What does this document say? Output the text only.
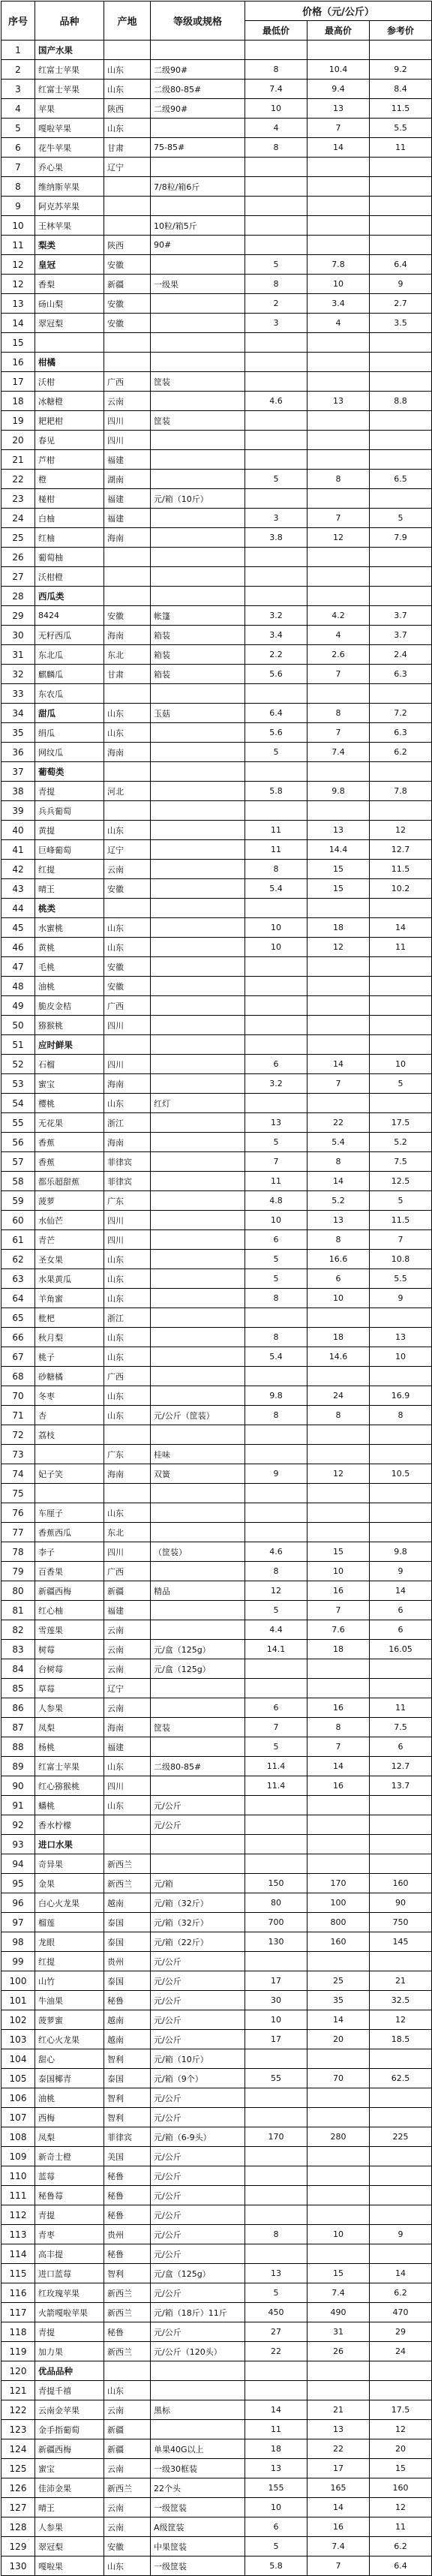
序号	品种	产地	等级或规格	价格（元/公斤）		
				最低价	最高价	参考价
1	国产水果					
2	红富士苹果	山东	二级90#	8	10.4	9.2
3	红富士苹果	山东	二级80-85#	7.4	9.4	8.4
4	苹果	陕西	二级90#	10	13	11.5
5	嘎啦苹果	山东		4	7	5.5
6	花牛苹果	甘肃	75-85#	8	14	11
7	乔心果	辽宁				
8	维纳斯苹果		7/8粒/箱6斤			
9	阿克苏苹果					
10	王林苹果		10粒/箱5斤			
11	梨类	陕西	90#			
12	皇冠	安徽		5	7.8	6.4
12	香梨	新疆	一级果	8	10	9
13	砀山梨	安徽		2	3.4	2.7
14	翠冠梨	安徽		3	4	3.5
15						
16	柑橘					
17	沃柑	广西	筐装			
18	冰糖橙	云南		4.6	13	8.8
19	耙耙柑	四川	筐装			
20	春见	四川				
21	芦柑	福建				
22	橙	湖南		5	8	6.5
23	椪柑	福建	元/箱（10斤）			
24	白柚	福建		3	7	5
25	红柚	海南		3.8	12	7.9
26	葡萄柚					
27	沃柑橙					
28	西瓜类					
29	8424	安徽	帐篷	3.2	4.2	3.7
30	无籽西瓜	海南	箱装	3.4	4	3.7
31	东北瓜	东北	箱装	2.2	2.6	2.4
32	麒麟瓜	甘肃	箱装	5.6	7	6.3
33	东农瓜					
34	甜瓜	山东	玉菇	6.4	8	7.2
35	绢瓜	山东		5.6	7	6.3
36	网纹瓜	海南		5	7.4	6.2
37	葡萄类					
38	青提	河北		5.8	9.8	7.8
39	兵兵葡萄					
40	黄提	山东		11	13	12
41	巨峰葡萄	辽宁		11	14.4	12.7
42	红提	云南		8	15	11.5
43	晴王	安徽		5.4	15	10.2
44	桃类					
45	水蜜桃	山东		10	18	14
46	黄桃	山东		10	12	11
47	毛桃	安徽				
48	油桃	安徽				
49	脆皮金桔	广西				
50	猕猴桃	四川				
51	应时鲜果					
52	石榴	四川		6	14	10
53	蜜宝	海南		3.2	7	5
54	樱桃	山东	红灯			
55	无花果	浙江		13	22	17.5
56	香蕉	海南		5	5.4	5.2
57	香蕉	菲律宾		7	8	7.5
58	都乐超甜蕉	菲律宾		11	14	12.5
59	菠萝	广东		4.8	5.2	5
60	水仙芒	四川		10	13	11.5
61	青芒	四川		6	8	7
62	圣女果	山东		5	16.6	10.8
63	水果黄瓜	山东		5	6	5.5
64	羊角蜜	山东		8	10	9
65	枇杷	浙江				
66	秋月梨	山东		8	18	13
67	桃子	山东		5.4	14.6	10
68	砂糖橘	广西				
70	冬枣	山东		9.8	24	16.9
71	杏	山东	元/公斤（筐装）	8	8	8
72	荔枝					
73		广东	桂味			
74	妃子笑	海南	双簧	9	12	10.5
75						
76	车厘子	山东				
77	香蕉西瓜	东北				
78	李子	四川	（筐装）	4.6	15	9.8
79	百香果	广西		8	10	9
80	新疆西梅	新疆	精品	12	16	14
81	红心柚	福建		5	7	6
82	雪莲果	云南		4.4	7.6	6
83	树莓	云南	元/盒（125g）	14.1	18	16.05
84	台树莓	云南	元/盒（125g）			
85	草莓	辽宁				
86	人参果	云南		6	16	11
87	凤梨	海南	筐装	7	8	7.5
88	杨桃	福建		5	7	6
89	红富士苹果	山东	二级80-85#	11.4	14	12.7
90	红心猕猴桃	四川		11.4	16	13.7
91	蟠桃	山东	元/公斤			
92	香水柠檬		元/公斤			
93	进口水果					
94	奇异果	新西兰				
95	金果	新西兰	元/箱	150	170	160
96	白心火龙果	越南	元/箱（32斤）	80	100	90
97	榴莲	泰国	元/箱（32斤）	700	800	750
98	龙眼	泰国	元/箱（22斤）	130	160	145
99	红提	贵州	元/公斤			
100	山竹	泰国	元/公斤	17	25	21
101	牛油果	秘鲁	元/公斤	30	35	32.5
102	菠萝蜜	越南	元/公斤	10	14	12
103	红心火龙果	越南	元/公斤	17	20	18.5
104	甜心	智利	元/箱（10斤）			
105	泰国椰青	泰国	元/箱（9个）	55	70	62.5
106	油桃	智利	元/公斤			
107	西梅	智利	元/公斤			
108	凤梨	菲律宾	元/箱（6-9头）	170	280	225
109	新奇士橙	美国	元/公斤			
110	蓝莓	秘鲁	元/公斤			
111	秘鲁莓	秘鲁	元/公斤			
112	青提	秘鲁	元/公斤			
113	青枣	贵州	元/公斤	8	10	9
114	高丰提	秘鲁	元/公斤			
115	进口蓝莓	智利	元/盒（125g）	13	15	14
116	红玫瑰苹果	新西兰	元/公斤	5	7.4	6.2
117	火箭嘎啦苹果	新西兰	元/箱（18斤）11斤	450	490	470
118	青提	秘鲁	元/公斤	27	31	29
119	加力果	新西兰	元/公斤（120头）	22	26	24
120	优品品种					
121	青提千禧	山东				
122	云南金苹果	云南	黑标	14	21	17.5
123	金手指葡萄	新疆		11	13	12
124	新疆西梅	新疆	单果40G以上	18	22	20
125	蜜宝	云南	一级30框装	13	17	15
126	佳沛金果	新西兰	22个头	155	165	160
127	晴王	云南	一级筐装	10	14	12
128	人参果	云南	A级筐装	6	16	11
129	翠冠梨	安徽	中果筐装	5	7.4	6.2
130	嘎啦果	山东	一级筐装	5.8	7	6.4
